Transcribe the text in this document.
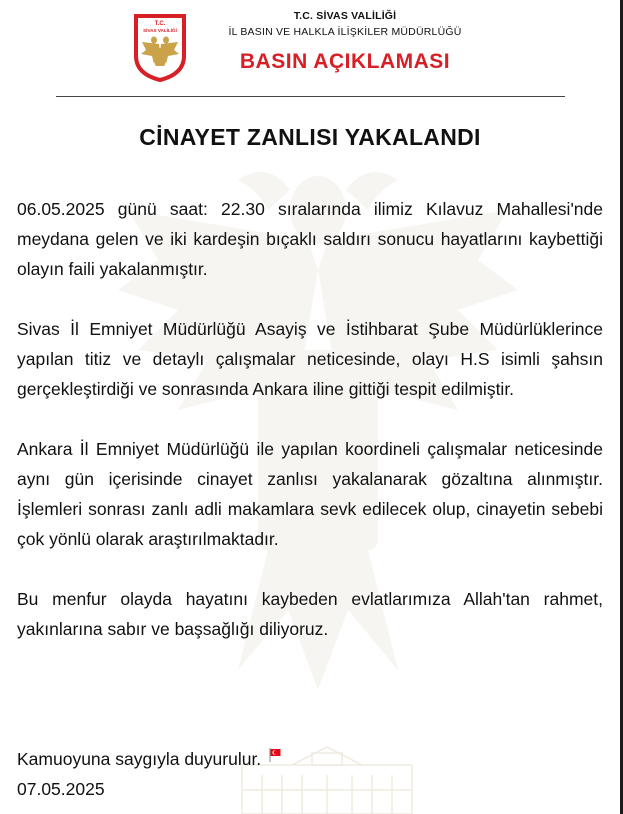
T.C.
SİVAS VALİLİĞİ
T.C. SİVAS VALİLİĞİ
İL BASIN VE HALKLA İLİŞKİLER MÜDÜRLÜĞÜ
BASIN AÇIKLAMASI
CİNAYET ZANLISI YAKALANDI

06.05.2025 günü saat: 22.30 sıralarında ilimiz Kılavuz Mahallesi'nde meydana gelen ve iki kardeşin bıçaklı saldırı sonucu hayatlarını kaybettiği olayın faili yakalanmıştır.

Sivas İl Emniyet Müdürlüğü Asayiş ve İstihbarat Şube Müdürlüklerince yapılan titiz ve detaylı çalışmalar neticesinde, olayı H.S isimli şahsın gerçekleştirdiği ve sonrasında Ankara iline gittiği tespit edilmiştir.

Ankara İl Emniyet Müdürlüğü ile yapılan koordineli çalışmalar neticesinde aynı gün içerisinde cinayet zanlısı yakalanarak gözaltına alınmıştır. İşlemleri sonrası zanlı adli makamlara sevk edilecek olup, cinayetin sebebi çok yönlü olarak araştırılmaktadır.

Bu menfur olayda hayatını kaybeden evlatlarımıza Allah'tan rahmet, yakınlarına sabır ve başsağlığı diliyoruz.

Kamuoyuna saygıyla duyurulur.
07.05.2025
